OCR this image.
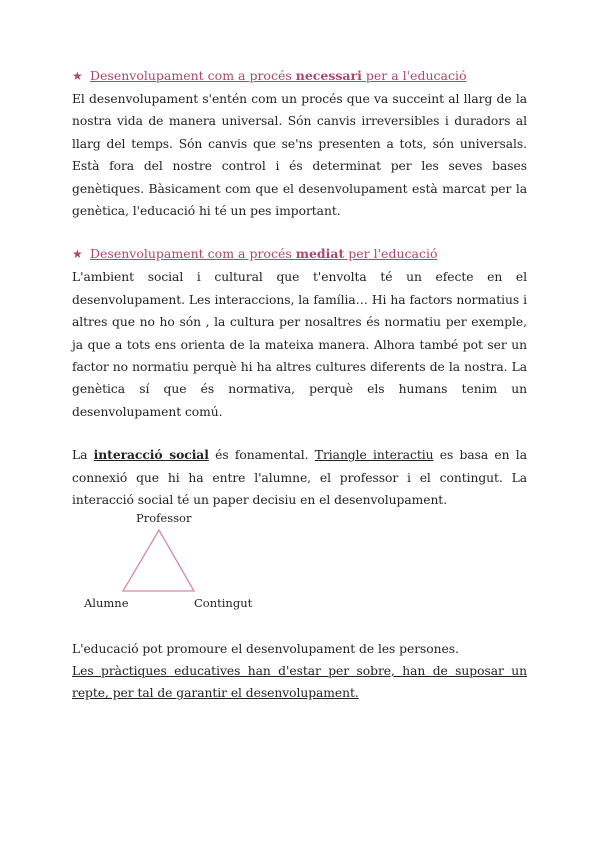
★ Desenvolupament com a procés necessari per a l'educació

El desenvolupament s'entén com un procés que va succeint al llarg de la nostra vida de manera universal. Són canvis irreversibles i duradors al llarg del temps. Són canvis que se'ns presenten a tots, són universals. Està fora del nostre control i és determinat per les seves bases genètiques. Bàsicament com que el desenvolupament està marcat per la genètica, l'educació hi té un pes important.

★ Desenvolupament com a procés mediat per l'educació

L'ambient social i cultural que t'envolta té un efecte en el desenvolupament. Les interaccions, la família… Hi ha factors normatius i altres que no ho són , la cultura per nosaltres és normatiu per exemple, ja que a tots ens orienta de la mateixa manera. Alhora també pot ser un factor no normatiu perquè hi ha altres cultures diferents de la nostra. La genètica sí que és normativa, perquè els humans tenim un desenvolupament comú.

La interacció social és fonamental. Triangle interactiu es basa en la connexió que hi ha entre l'alumne, el professor i el contingut. La interacció social té un paper decisiu en el desenvolupament.

Professor
Alumne	Contingut

L'educació pot promoure el desenvolupament de les persones.

Les pràctiques educatives han d'estar per sobre, han de suposar un repte, per tal de garantir el desenvolupament.
